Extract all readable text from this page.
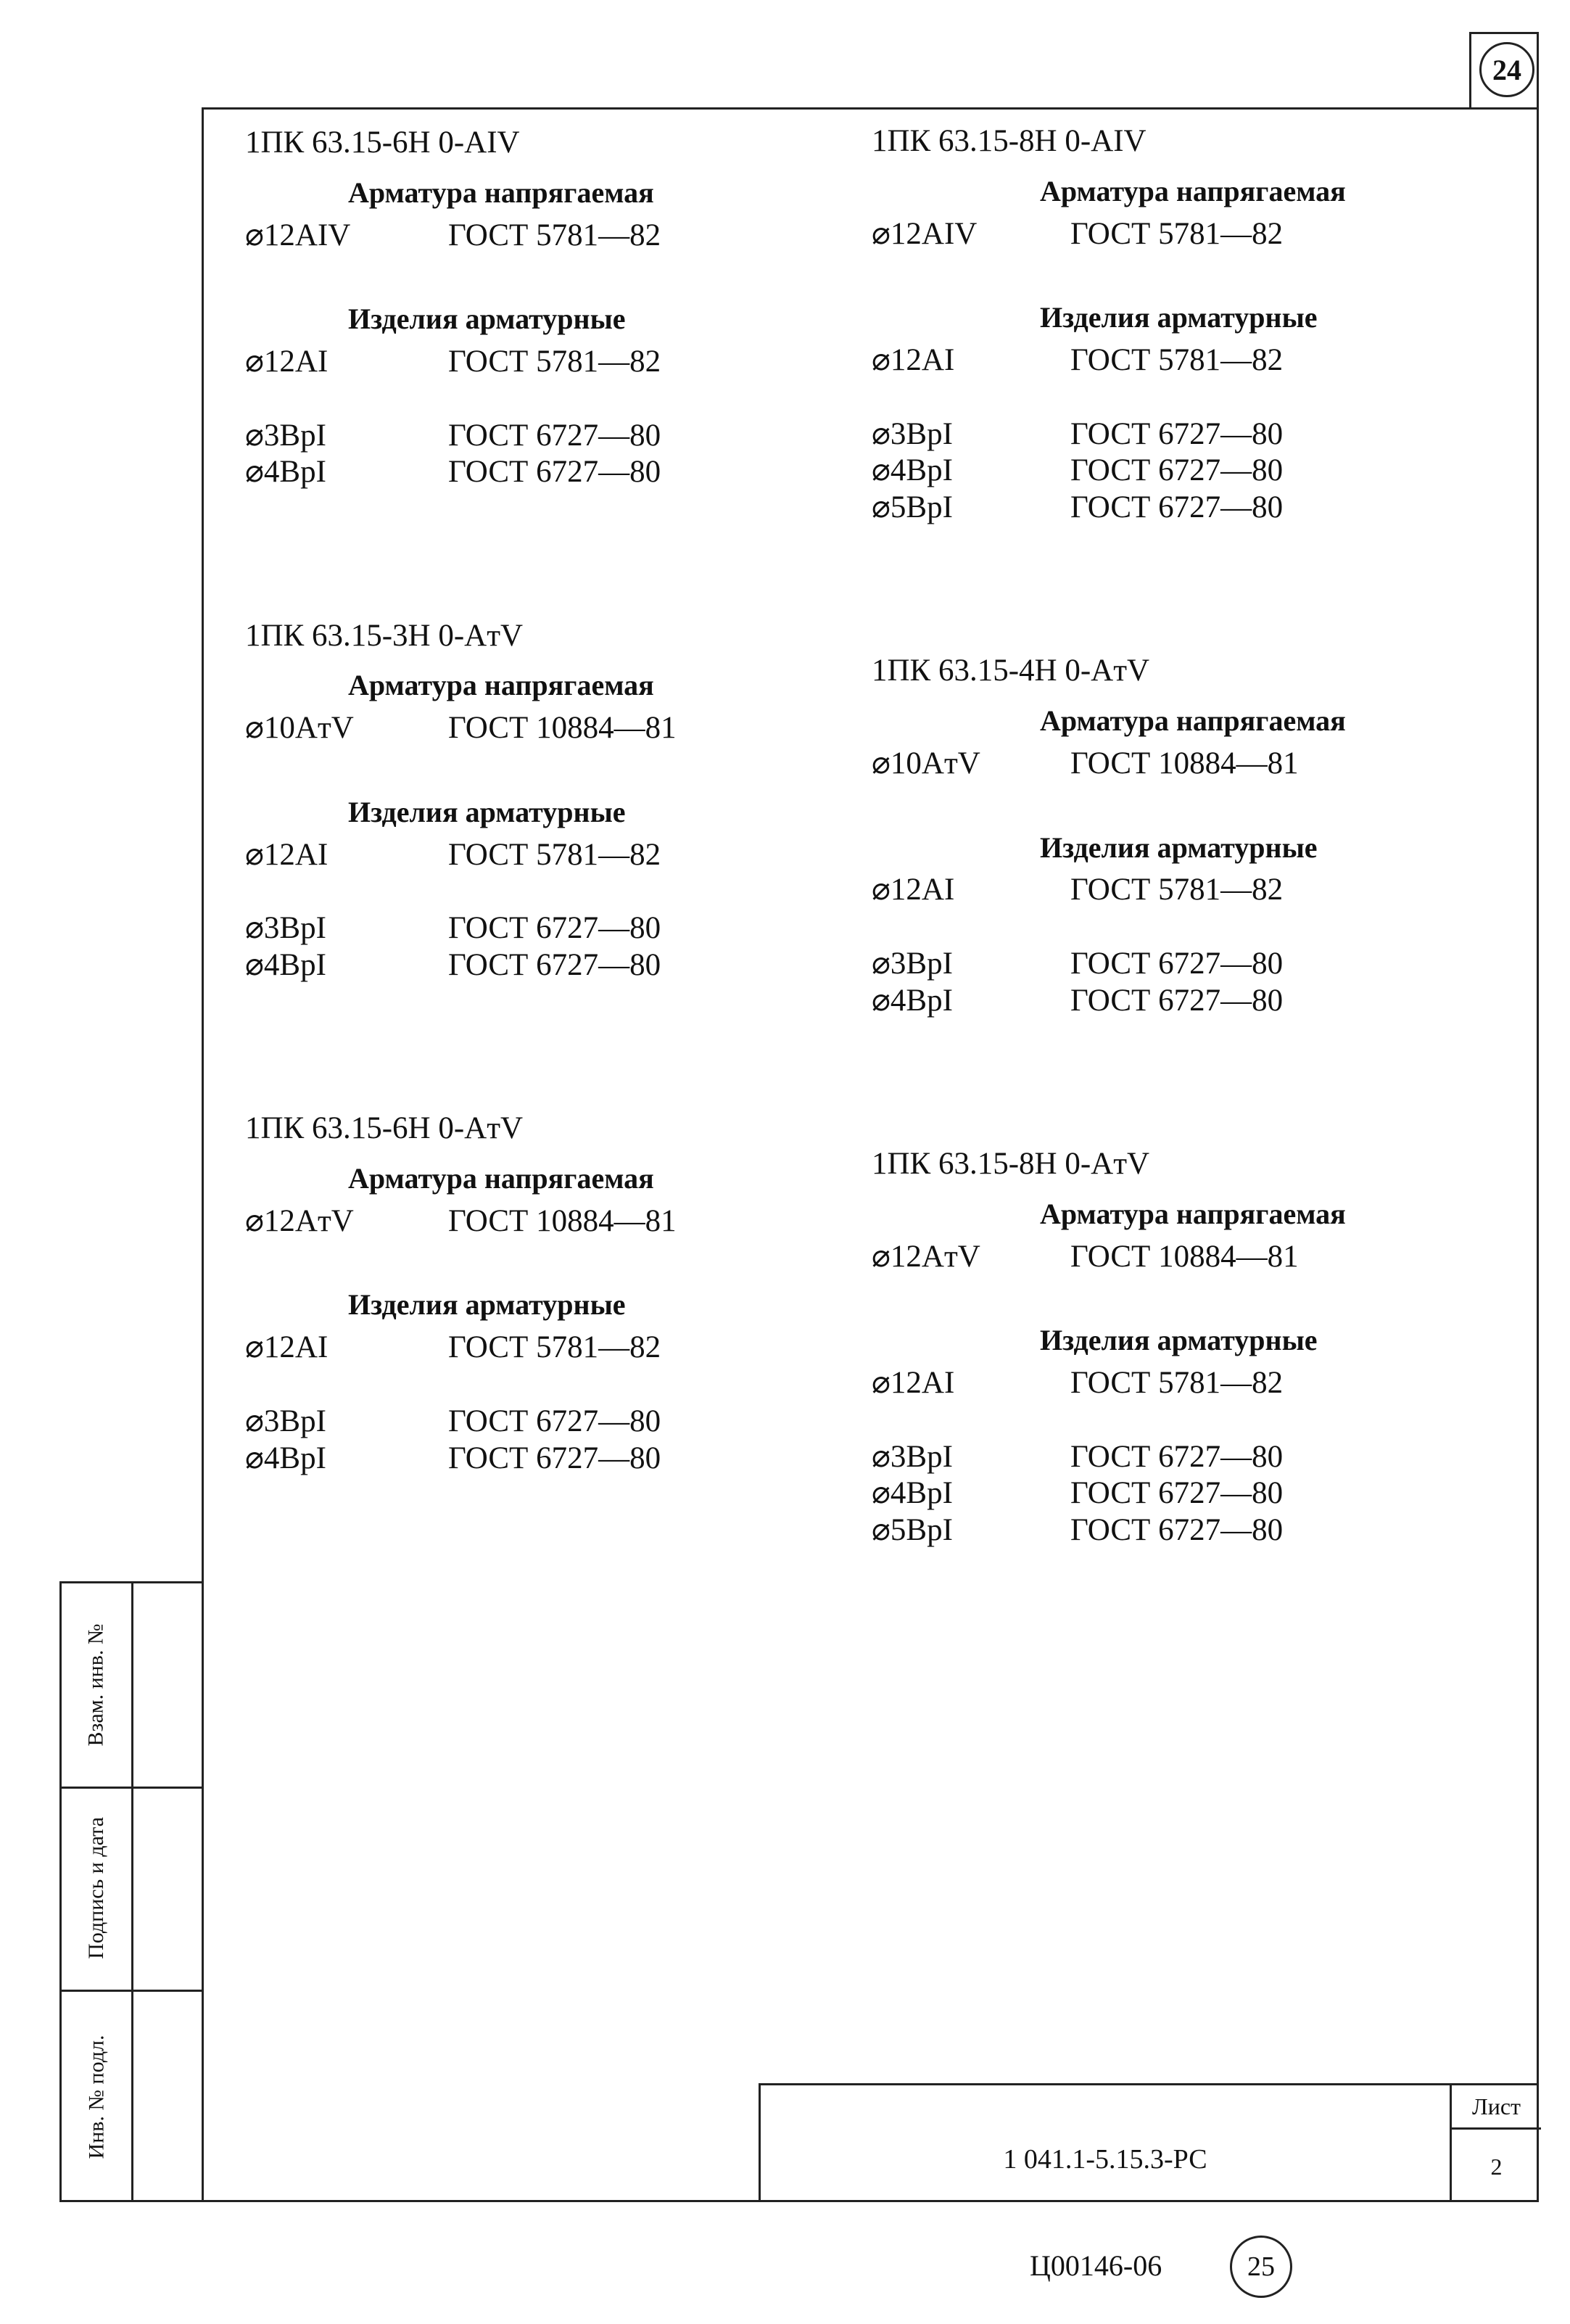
24
Взам. инв. №
Подпись и дата
Инв. № подл.
1 041.1-5.15.3-РС
Лист
2
Ц00146-06	25
1ПК 63.15-6Н 0-AIV
Арматура напрягаемая
⌀12AIV	ГОСТ 5781—82
Изделия арматурные
⌀12AI	ГОСТ 5781—82
⌀3BpI	ГОСТ 6727—80
⌀4BpI	ГОСТ 6727—80
1ПК 63.15-3Н 0-AтV
Арматура напрягаемая
⌀10AтV	ГОСТ 10884—81
Изделия арматурные
⌀12AI	ГОСТ 5781—82
⌀3BpI	ГОСТ 6727—80
⌀4BpI	ГОСТ 6727—80
1ПК 63.15-6Н 0-AтV
Арматура напрягаемая
⌀12AтV	ГОСТ 10884—81
Изделия арматурные
⌀12AI	ГОСТ 5781—82
⌀3BpI	ГОСТ 6727—80
⌀4BpI	ГОСТ 6727—80
1ПК 63.15-8Н 0-AIV
Арматура напрягаемая
⌀12AIV	ГОСТ 5781—82
Изделия арматурные
⌀12AI	ГОСТ 5781—82
⌀3BpI	ГОСТ 6727—80
⌀4BpI	ГОСТ 6727—80
⌀5BpI	ГОСТ 6727—80
1ПК 63.15-4Н 0-AтV
Арматура напрягаемая
⌀10AтV	ГОСТ 10884—81
Изделия арматурные
⌀12AI	ГОСТ 5781—82
⌀3BpI	ГОСТ 6727—80
⌀4BpI	ГОСТ 6727—80
1ПК 63.15-8Н 0-AтV
Арматура напрягаемая
⌀12AтV	ГОСТ 10884—81
Изделия арматурные
⌀12AI	ГОСТ 5781—82
⌀3BpI	ГОСТ 6727—80
⌀4BpI	ГОСТ 6727—80
⌀5BpI	ГОСТ 6727—80
